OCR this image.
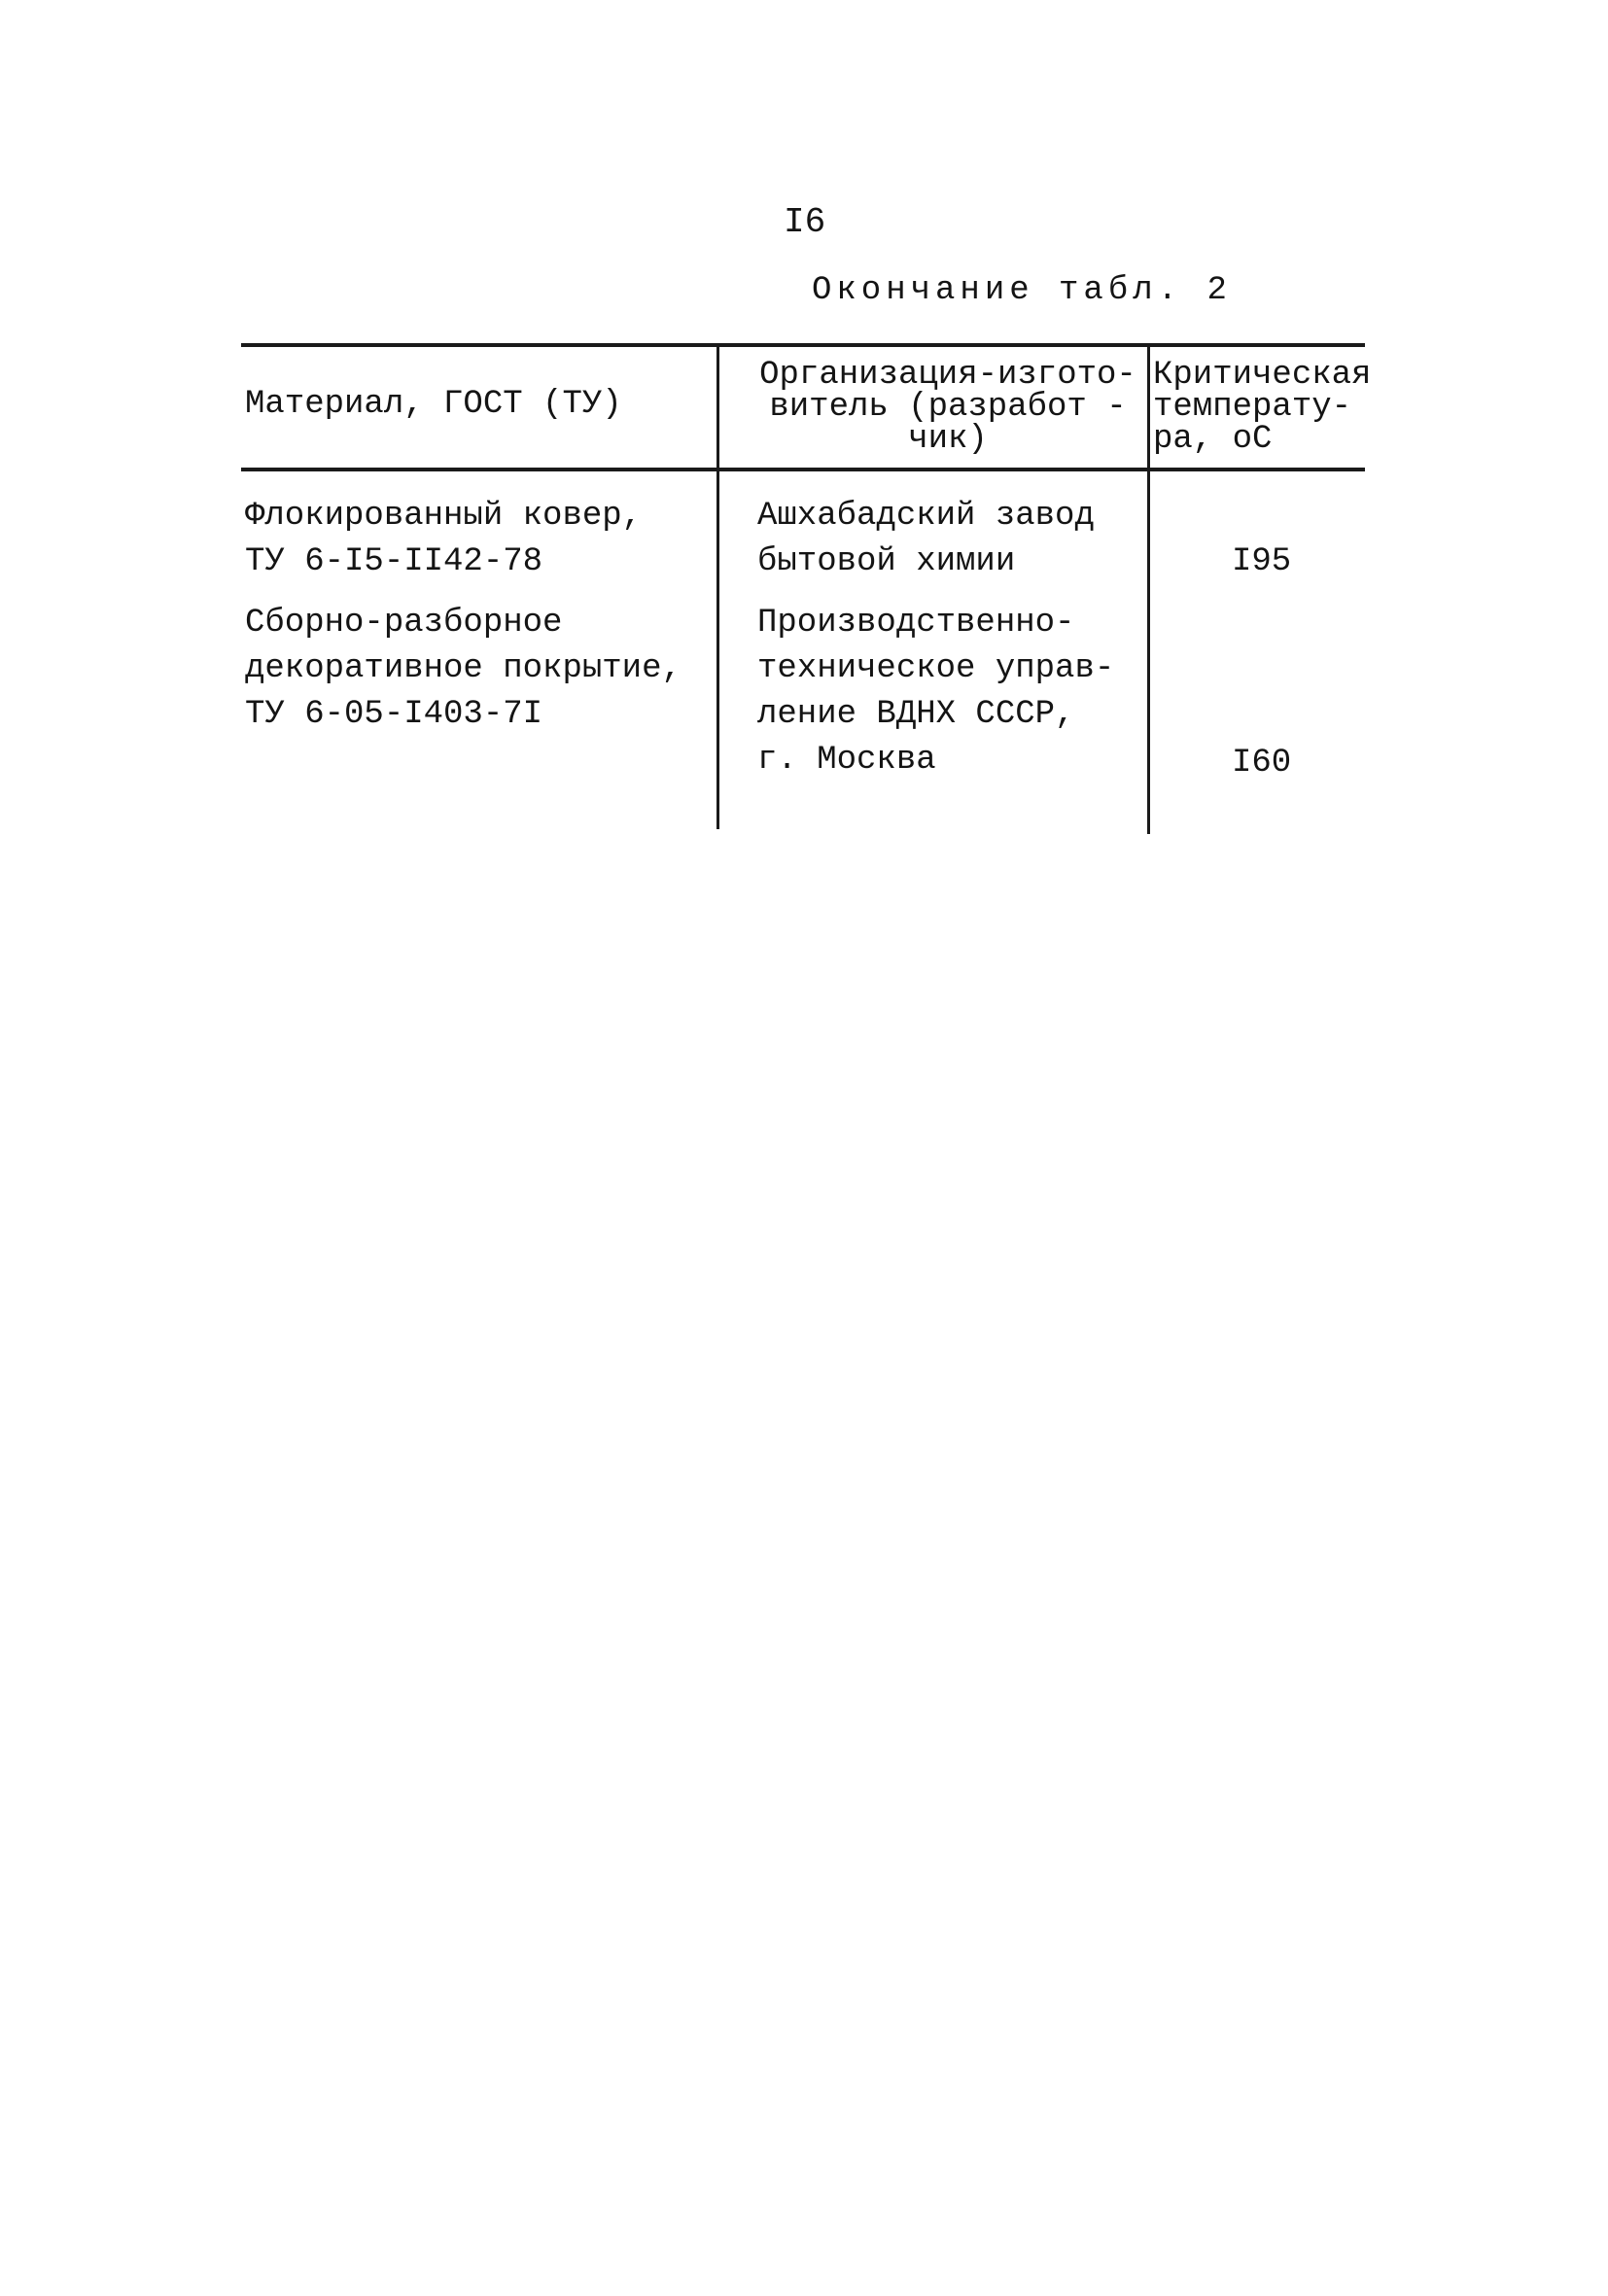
I6
Окончание табл. 2
Материал, ГОСТ (ТУ)
Организация-изгото-
витель (разработ -
чик)
Критическая
температу-
ра, оС
Флокированный ковер,
ТУ 6-I5-II42-78
Ашхабадский завод
бытовой химии	I95
Сборно-разборное
декоративное покрытие,
ТУ 6-05-I403-7I
Производственно-
техническое управ-
ление ВДНХ СССР,
г. Москва	I60
